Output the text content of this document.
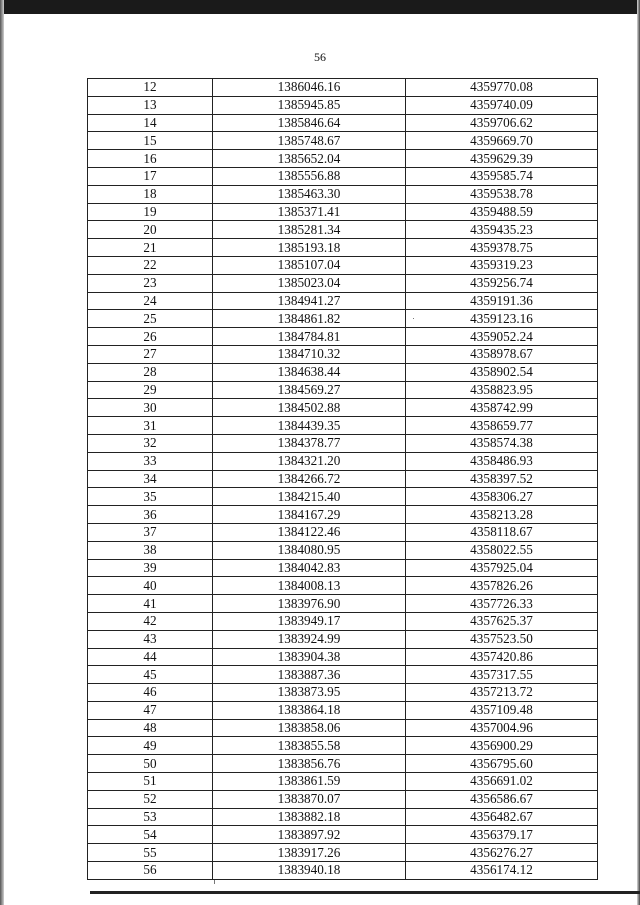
56
12	1386046.16	4359770.08
13	1385945.85	4359740.09
14	1385846.64	4359706.62
15	1385748.67	4359669.70
16	1385652.04	4359629.39
17	1385556.88	4359585.74
18	1385463.30	4359538.78
19	1385371.41	4359488.59
20	1385281.34	4359435.23
21	1385193.18	4359378.75
22	1385107.04	4359319.23
23	1385023.04	4359256.74
24	1384941.27	4359191.36
25	1384861.82	4359123.16
26	1384784.81	4359052.24
27	1384710.32	4358978.67
28	1384638.44	4358902.54
29	1384569.27	4358823.95
30	1384502.88	4358742.99
31	1384439.35	4358659.77
32	1384378.77	4358574.38
33	1384321.20	4358486.93
34	1384266.72	4358397.52
35	1384215.40	4358306.27
36	1384167.29	4358213.28
37	1384122.46	4358118.67
38	1384080.95	4358022.55
39	1384042.83	4357925.04
40	1384008.13	4357826.26
41	1383976.90	4357726.33
42	1383949.17	4357625.37
43	1383924.99	4357523.50
44	1383904.38	4357420.86
45	1383887.36	4357317.55
46	1383873.95	4357213.72
47	1383864.18	4357109.48
48	1383858.06	4357004.96
49	1383855.58	4356900.29
50	1383856.76	4356795.60
51	1383861.59	4356691.02
52	1383870.07	4356586.67
53	1383882.18	4356482.67
54	1383897.92	4356379.17
55	1383917.26	4356276.27
56	1383940.18	4356174.12
